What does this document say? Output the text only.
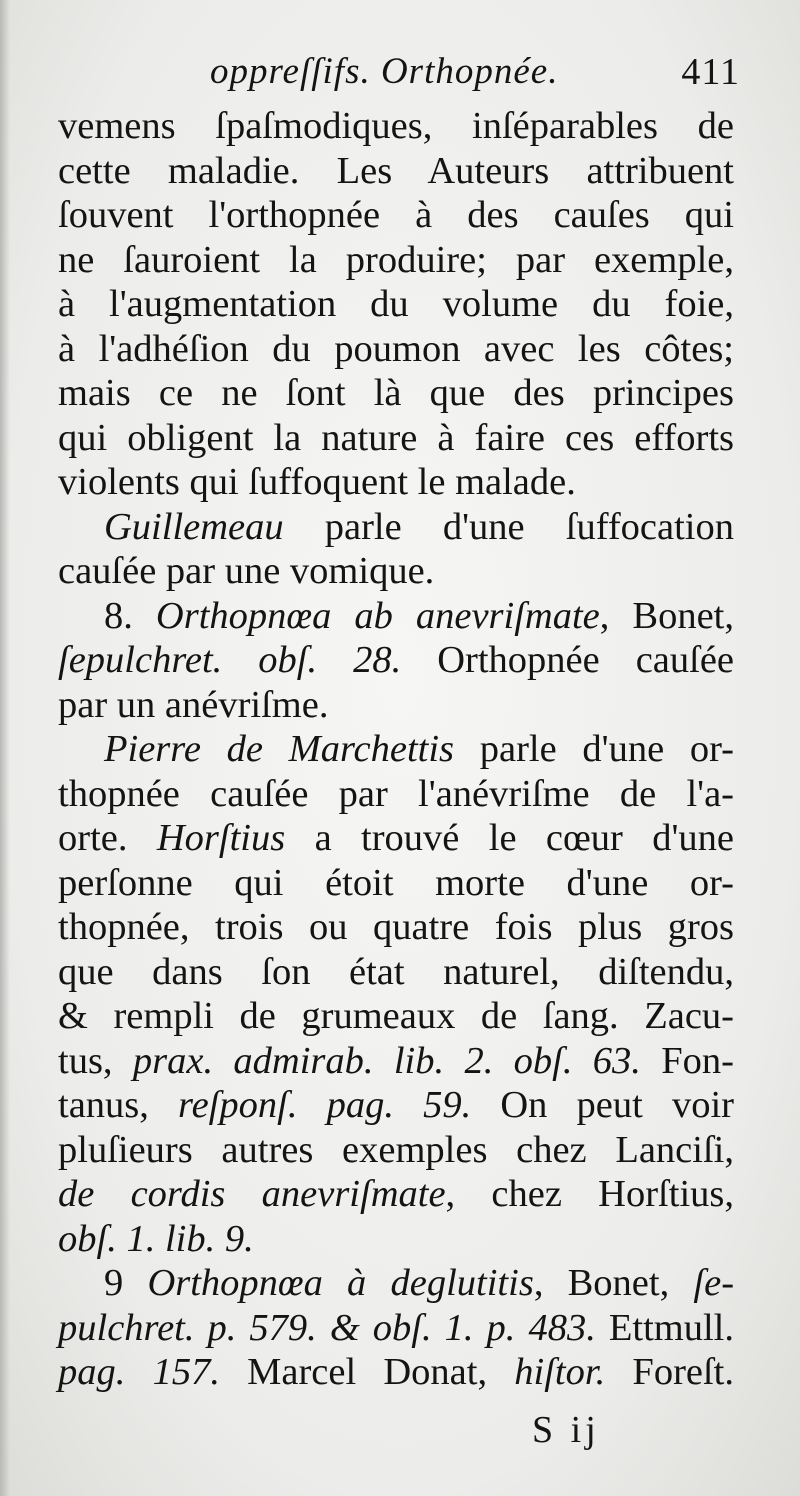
oppreſſifs. Orthopnée.	411
vemens ſpaſmodiques, inſéparables de
cette maladie. Les Auteurs attribuent
ſouvent l'orthopnée à des cauſes qui
ne ſauroient la produire; par exemple,
à l'augmentation du volume du foie,
à l'adhéſion du poumon avec les côtes;
mais ce ne ſont là que des principes
qui obligent la nature à faire ces efforts
violents qui ſuffoquent le malade.
Guillemeau parle d'une ſuffocation
cauſée par une vomique.
8. Orthopnœa ab anevriſmate, Bonet,
ſepulchret. obſ. 28. Orthopnée cauſée
par un anévriſme.
Pierre de Marchettis parle d'une or-
thopnée cauſée par l'anévriſme de l'a-
orte. Horſtius a trouvé le cœur d'une
perſonne qui étoit morte d'une or-
thopnée, trois ou quatre fois plus gros
que dans ſon état naturel, diſtendu,
& rempli de grumeaux de ſang. Zacu-
tus, prax. admirab. lib. 2. obſ. 63. Fon-
tanus, reſponſ. pag. 59. On peut voir
pluſieurs autres exemples chez Lanciſi,
de cordis anevriſmate, chez Horſtius,
obſ. 1. lib. 9.
9 Orthopnœa à deglutitis, Bonet, ſe-
pulchret. p. 579. & obſ. 1. p. 483. Ettmull.
pag. 157. Marcel Donat, hiſtor. Foreſt.
S ij
